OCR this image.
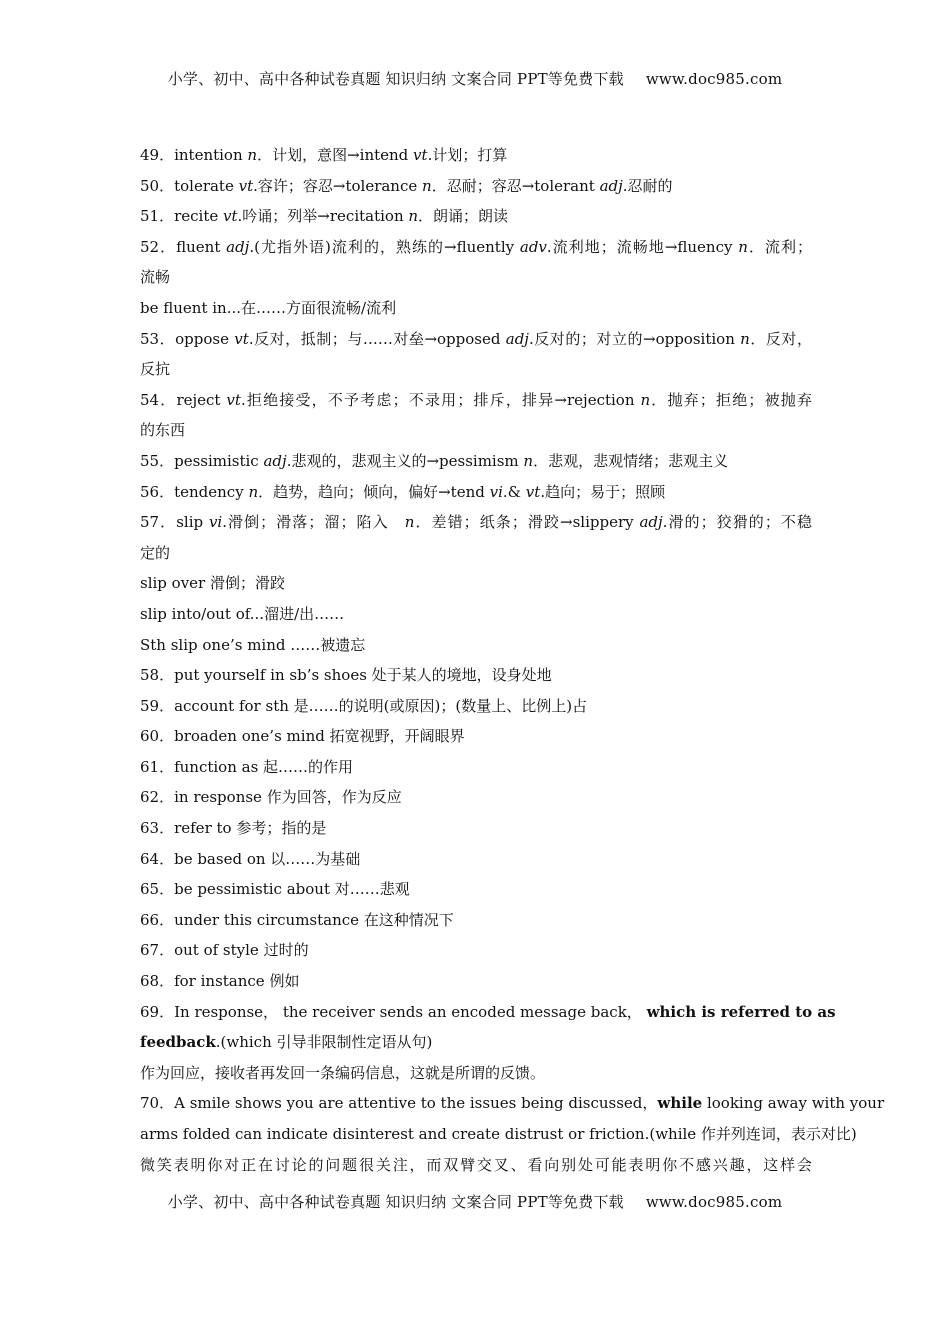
小学、初中、高中各种试卷真题 知识归纳 文案合同 PPT等免费下载 www.doc985.com
49．intention n．计划，意图→intend vt.计划；打算
50．tolerate vt.容许；容忍→tolerance n．忍耐；容忍→tolerant adj.忍耐的
51．recite vt.吟诵；列举→recitation n．朗诵；朗读
52．fluent adj.(尤指外语)流利的，熟练的→fluently adv.流利地；流畅地→fluency n．流利；
流畅
be fluent in...在……方面很流畅/流利
53．oppose vt.反对，抵制；与……对垒→opposed adj.反对的；对立的→opposition n．反对，
反抗
54．reject vt.拒绝接受，不予考虑；不录用；排斥，排异→rejection n．抛弃；拒绝；被抛弃
的东西
55．pessimistic adj.悲观的，悲观主义的→pessimism n．悲观，悲观情绪；悲观主义
56．tendency n．趋势，趋向；倾向，偏好→tend vi.& vt.趋向；易于；照顾
57．slip vi.滑倒；滑落；溜；陷入　n．差错；纸条；滑跤→slippery adj.滑的；狡猾的；不稳
定的
slip over 滑倒；滑跤
slip into/out of...溜进/出……
Sth slip one’s mind ……被遗忘
58．put yourself in sb’s shoes 处于某人的境地，设身处地
59．account for sth 是……的说明(或原因)；(数量上、比例上)占
60．broaden one’s mind 拓宽视野，开阔眼界
61．function as 起……的作用
62．in response 作为回答，作为反应
63．refer to 参考；指的是
64．be based on 以……为基础
65．be pessimistic about 对……悲观
66．under this circumstance 在这种情况下
67．out of style 过时的
68．for instance 例如
69．In response， the receiver sends an encoded message back， which is referred to as
feedback.(which 引导非限制性定语从句)
作为回应，接收者再发回一条编码信息，这就是所谓的反馈。
70．A smile shows you are attentive to the issues being discussed，while looking away with your
arms folded can indicate disinterest and create distrust or friction.(while 作并列连词，表示对比)
微笑表明你对正在讨论的问题很关注，而双臂交叉、看向别处可能表明你不感兴趣，这样会
小学、初中、高中各种试卷真题 知识归纳 文案合同 PPT等免费下载 www.doc985.com
